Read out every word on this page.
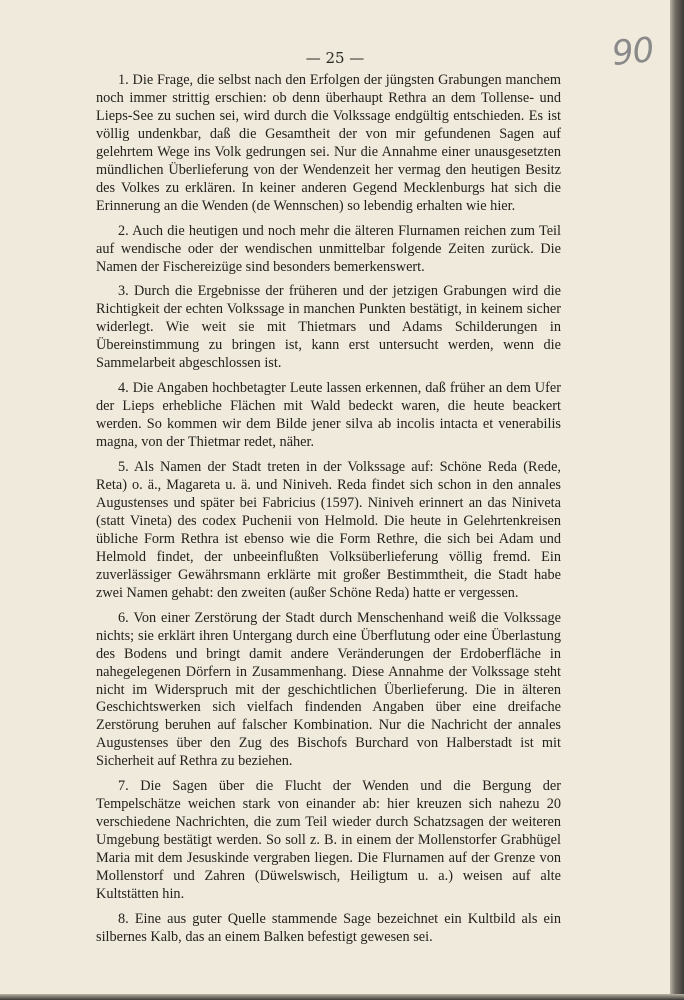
— 25 —	90

1. Die Frage, die selbst nach den Erfolgen der jüngsten Grabungen manchem noch immer strittig erschien: ob denn überhaupt Rethra an dem Tollense- und Lieps-See zu suchen sei, wird durch die Volkssage endgültig entschieden. Es ist völlig undenkbar, daß die Gesamtheit der von mir gefundenen Sagen auf gelehrtem Wege ins Volk gedrungen sei. Nur die Annahme einer unausgesetzten mündlichen Überlieferung von der Wendenzeit her vermag den heutigen Besitz des Volkes zu erklären. In keiner anderen Gegend Mecklenburgs hat sich die Erinnerung an die Wenden (de Wennschen) so lebendig erhalten wie hier.

2. Auch die heutigen und noch mehr die älteren Flurnamen reichen zum Teil auf wendische oder der wendischen unmittelbar folgende Zeiten zurück. Die Namen der Fischereizüge sind besonders bemerkenswert.

3. Durch die Ergebnisse der früheren und der jetzigen Grabungen wird die Richtigkeit der echten Volkssage in manchen Punkten bestätigt, in keinem sicher widerlegt. Wie weit sie mit Thietmars und Adams Schilderungen in Übereinstimmung zu bringen ist, kann erst untersucht werden, wenn die Sammelarbeit abgeschlossen ist.

4. Die Angaben hochbetagter Leute lassen erkennen, daß früher an dem Ufer der Lieps erhebliche Flächen mit Wald bedeckt waren, die heute beackert werden. So kommen wir dem Bilde jener silva ab incolis intacta et venerabilis magna, von der Thietmar redet, näher.

5. Als Namen der Stadt treten in der Volkssage auf: Schöne Reda (Rede, Reta) o. ä., Magareta u. ä. und Niniveh. Reda findet sich schon in den annales Augustenses und später bei Fabricius (1597). Niniveh erinnert an das Niniveta (statt Vineta) des codex Puchenii von Helmold. Die heute in Gelehrtenkreisen übliche Form Rethra ist ebenso wie die Form Rethre, die sich bei Adam und Helmold findet, der unbeeinflußten Volksüberlieferung völlig fremd. Ein zuverlässiger Gewährsmann erklärte mit großer Bestimmtheit, die Stadt habe zwei Namen gehabt: den zweiten (außer Schöne Reda) hatte er vergessen.

6. Von einer Zerstörung der Stadt durch Menschenhand weiß die Volkssage nichts; sie erklärt ihren Untergang durch eine Überflutung oder eine Überlastung des Bodens und bringt damit andere Veränderungen der Erdoberfläche in nahegelegenen Dörfern in Zusammenhang. Diese Annahme der Volkssage steht nicht im Widerspruch mit der geschichtlichen Überlieferung. Die in älteren Geschichtswerken sich vielfach findenden Angaben über eine dreifache Zerstörung beruhen auf falscher Kombination. Nur die Nachricht der annales Augustenses über den Zug des Bischofs Burchard von Halberstadt ist mit Sicherheit auf Rethra zu beziehen.

7. Die Sagen über die Flucht der Wenden und die Bergung der Tempelschätze weichen stark von einander ab: hier kreuzen sich nahezu 20 verschiedene Nachrichten, die zum Teil wieder durch Schatzsagen der weiteren Umgebung bestätigt werden. So soll z. B. in einem der Mollenstorfer Grabhügel Maria mit dem Jesuskinde vergraben liegen. Die Flurnamen auf der Grenze von Mollenstorf und Zahren (Düwelswisch, Heiligtum u. a.) weisen auf alte Kultstätten hin.

8. Eine aus guter Quelle stammende Sage bezeichnet ein Kultbild als ein silbernes Kalb, das an einem Balken befestigt gewesen sei.
